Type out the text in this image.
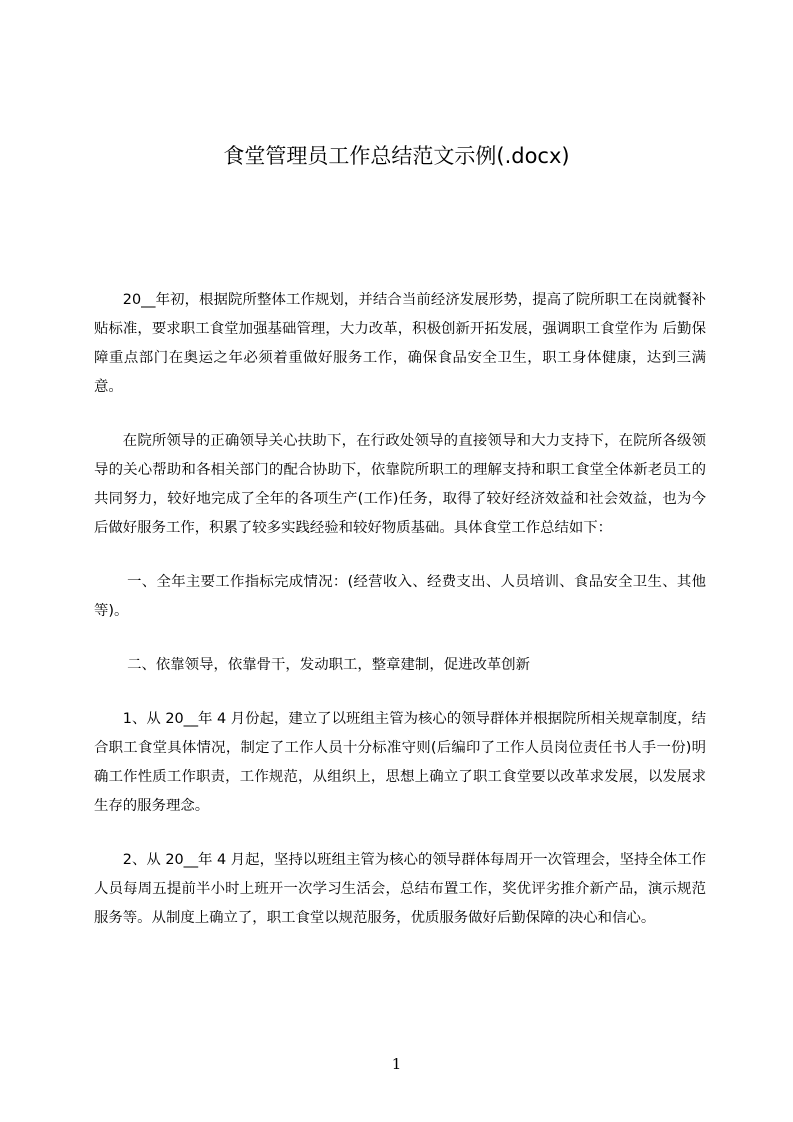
食堂管理员工作总结范文示例(.docx)

20__年初，根据院所整体工作规划，并结合当前经济发展形势，提高了院所职工在岗就餐补贴标准，要求职工食堂加强基础管理，大力改革，积极创新开拓发展，强调职工食堂作为 后勤保障重点部门在奥运之年必须着重做好服务工作，确保食品安全卫生，职工身体健康，达到三满意。

在院所领导的正确领导关心扶助下，在行政处领导的直接领导和大力支持下，在院所各级领导的关心帮助和各相关部门的配合协助下，依靠院所职工的理解支持和职工食堂全体新老员工的共同努力，较好地完成了全年的各项生产(工作)任务，取得了较好经济效益和社会效益，也为今后做好服务工作，积累了较多实践经验和较好物质基础。具体食堂工作总结如下：

一、全年主要工作指标完成情况：(经营收入、经费支出、人员培训、食品安全卫生、其他等)。

二、依靠领导，依靠骨干，发动职工，整章建制，促进改革创新

1、从 20__年 4 月份起，建立了以班组主管为核心的领导群体并根据院所相关规章制度，结合职工食堂具体情况，制定了工作人员十分标准守则(后编印了工作人员岗位责任书人手一份)明确工作性质工作职责，工作规范，从组织上，思想上确立了职工食堂要以改革求发展，以发展求生存的服务理念。

2、从 20__年 4 月起，坚持以班组主管为核心的领导群体每周开一次管理会，坚持全体工作人员每周五提前半小时上班开一次学习生活会，总结布置工作，奖优评劣推介新产品，演示规范服务等。从制度上确立了，职工食堂以规范服务，优质服务做好后勤保障的决心和信心。

1
